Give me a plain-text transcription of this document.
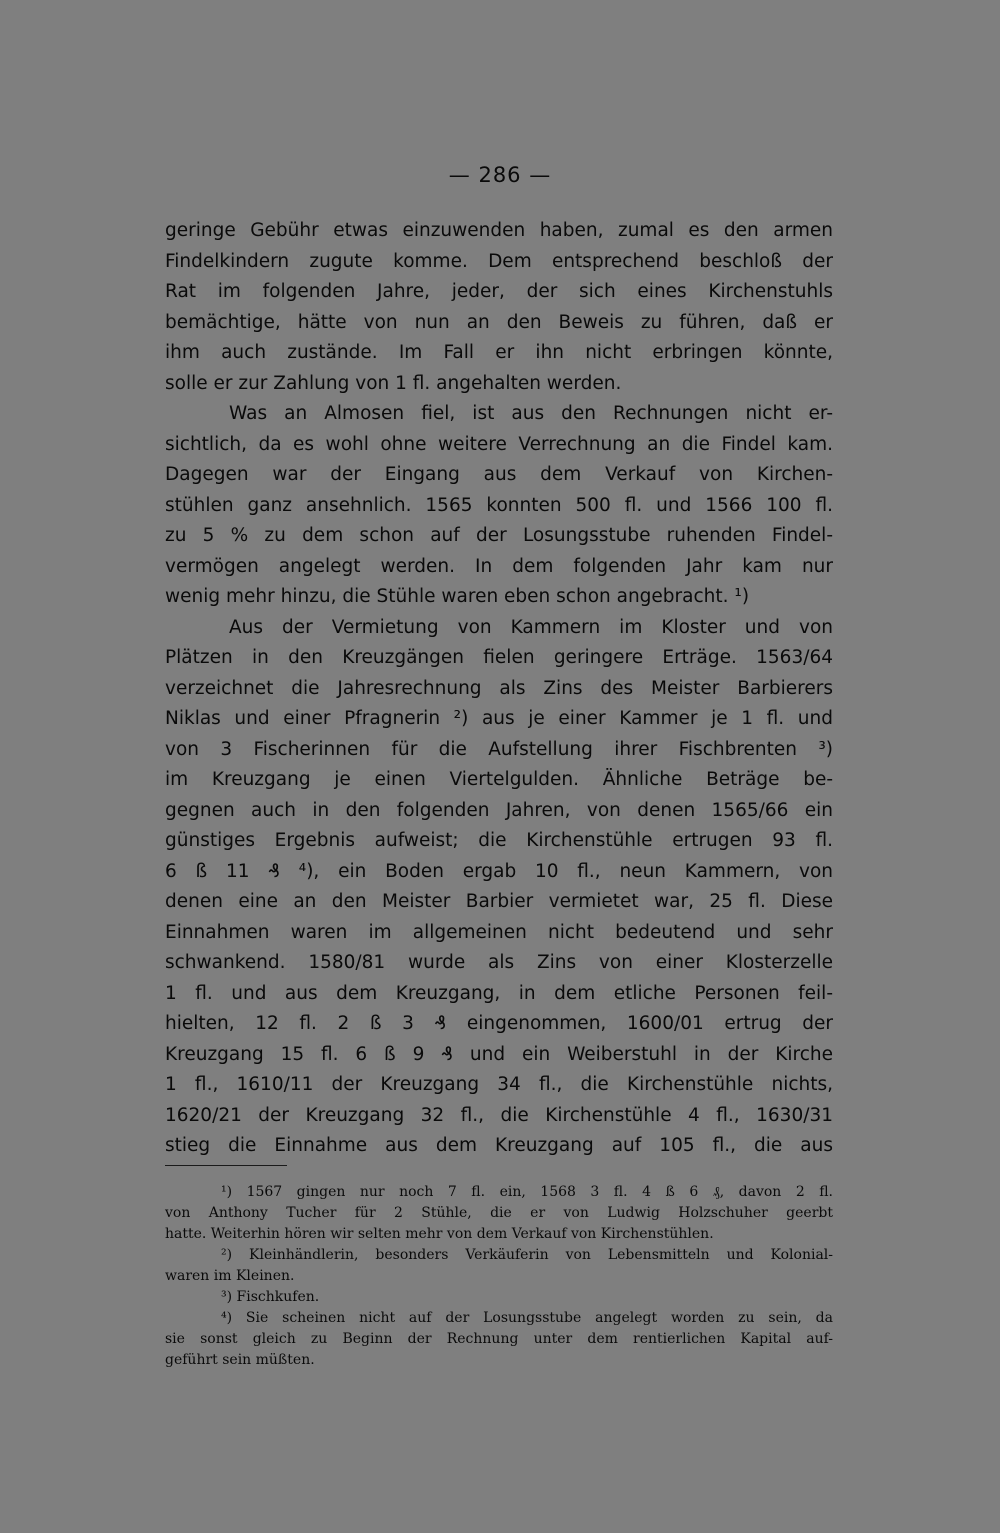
— 286 —
geringe Gebühr etwas einzuwenden haben, zumal es den armen
Findelkindern zugute komme. Dem entsprechend beschloß der
Rat im folgenden Jahre, jeder, der sich eines Kirchenstuhls
bemächtige, hätte von nun an den Beweis zu führen, daß er
ihm auch zustände. Im Fall er ihn nicht erbringen könnte,
solle er zur Zahlung von 1 fl. angehalten werden.
Was an Almosen fiel, ist aus den Rechnungen nicht er-
sichtlich, da es wohl ohne weitere Verrechnung an die Findel kam.
Dagegen war der Eingang aus dem Verkauf von Kirchen-
stühlen ganz ansehnlich. 1565 konnten 500 fl. und 1566 100 fl.
zu 5 % zu dem schon auf der Losungsstube ruhenden Findel-
vermögen angelegt werden. In dem folgenden Jahr kam nur
wenig mehr hinzu, die Stühle waren eben schon angebracht. ¹)
Aus der Vermietung von Kammern im Kloster und von
Plätzen in den Kreuzgängen fielen geringere Erträge. 1563/64
verzeichnet die Jahresrechnung als Zins des Meister Barbierers
Niklas und einer Pfragnerin ²) aus je einer Kammer je 1 fl. und
von 3 Fischerinnen für die Aufstellung ihrer Fischbrenten ³)
im Kreuzgang je einen Viertelgulden. Ähnliche Beträge be-
gegnen auch in den folgenden Jahren, von denen 1565/66 ein
günstiges Ergebnis aufweist; die Kirchenstühle ertrugen 93 fl.
6 ß 11 ₰ ⁴), ein Boden ergab 10 fl., neun Kammern, von
denen eine an den Meister Barbier vermietet war, 25 fl. Diese
Einnahmen waren im allgemeinen nicht bedeutend und sehr
schwankend. 1580/81 wurde als Zins von einer Klosterzelle
1 fl. und aus dem Kreuzgang, in dem etliche Personen feil-
hielten, 12 fl. 2 ß 3 ₰ eingenommen, 1600/01 ertrug der
Kreuzgang 15 fl. 6 ß 9 ₰ und ein Weiberstuhl in der Kirche
1 fl., 1610/11 der Kreuzgang 34 fl., die Kirchenstühle nichts,
1620/21 der Kreuzgang 32 fl., die Kirchenstühle 4 fl., 1630/31
stieg die Einnahme aus dem Kreuzgang auf 105 fl., die aus
¹) 1567 gingen nur noch 7 fl. ein, 1568 3 fl. 4 ß 6 ₰, davon 2 fl.
von Anthony Tucher für 2 Stühle, die er von Ludwig Holzschuher geerbt
hatte. Weiterhin hören wir selten mehr von dem Verkauf von Kirchenstühlen.
²) Kleinhändlerin, besonders Verkäuferin von Lebensmitteln und Kolonial-
waren im Kleinen.
³) Fischkufen.
⁴) Sie scheinen nicht auf der Losungsstube angelegt worden zu sein, da
sie sonst gleich zu Beginn der Rechnung unter dem rentierlichen Kapital auf-
geführt sein müßten.
